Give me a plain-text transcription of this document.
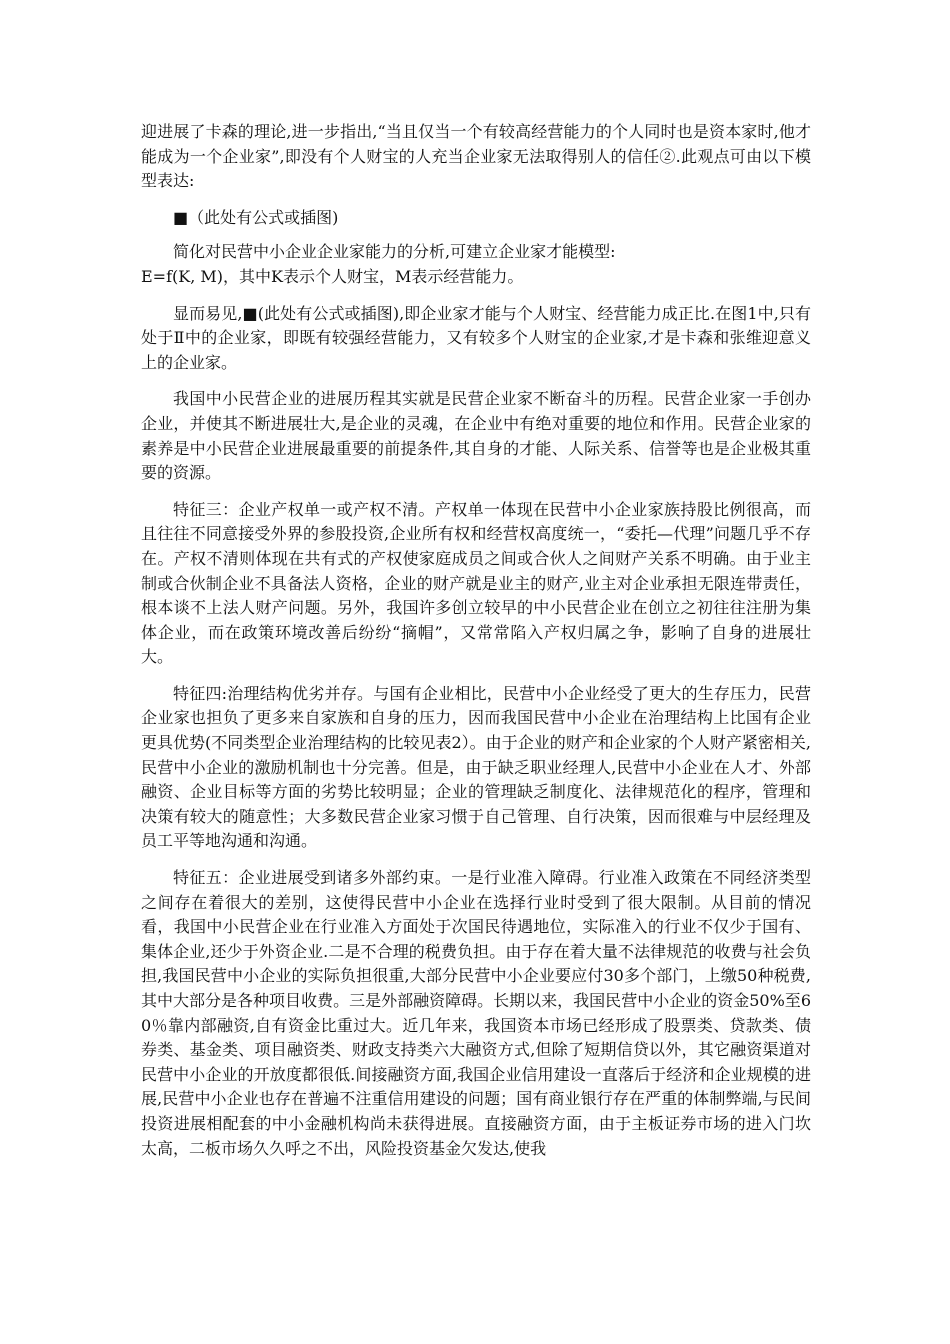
迎进展了卡森的理论,进一步指出,“当且仅当一个有较高经营能力的个人同时也是资本家时,他才能成为一个企业家”,即没有个人财宝的人充当企业家无法取得别人的信任②.此观点可由以下模型表达:

■（此处有公式或插图)

简化对民营中小企业企业家能力的分析,可建立企业家才能模型:
E=f(K, M)，其中K表示个人财宝，M表示经营能力。

显而易见,■(此处有公式或插图),即企业家才能与个人财宝、经营能力成正比.在图1中,只有处于Ⅱ中的企业家，即既有较强经营能力，又有较多个人财宝的企业家,才是卡森和张维迎意义上的企业家。

我国中小民营企业的进展历程其实就是民营企业家不断奋斗的历程。民营企业家一手创办企业，并使其不断进展壮大,是企业的灵魂，在企业中有绝对重要的地位和作用。民营企业家的素养是中小民营企业进展最重要的前提条件,其自身的才能、人际关系、信誉等也是企业极其重要的资源。

特征三：企业产权单一或产权不清。产权单一体现在民营中小企业家族持股比例很高，而且往往不同意接受外界的参股投资,企业所有权和经营权高度统一，“委托—代理”问题几乎不存在。产权不清则体现在共有式的产权使家庭成员之间或合伙人之间财产关系不明确。由于业主制或合伙制企业不具备法人资格，企业的财产就是业主的财产,业主对企业承担无限连带责任，根本谈不上法人财产问题。另外，我国许多创立较早的中小民营企业在创立之初往往注册为集体企业，而在政策环境改善后纷纷“摘帽”，又常常陷入产权归属之争，影响了自身的进展壮大。

特征四:治理结构优劣并存。与国有企业相比，民营中小企业经受了更大的生存压力，民营企业家也担负了更多来自家族和自身的压力，因而我国民营中小企业在治理结构上比国有企业更具优势(不同类型企业治理结构的比较见表2）。由于企业的财产和企业家的个人财产紧密相关,民营中小企业的激励机制也十分完善。但是，由于缺乏职业经理人,民营中小企业在人才、外部融资、企业目标等方面的劣势比较明显；企业的管理缺乏制度化、法律规范化的程序，管理和决策有较大的随意性；大多数民营企业家习惯于自己管理、自行决策，因而很难与中层经理及员工平等地沟通和沟通。

特征五：企业进展受到诸多外部约束。一是行业准入障碍。行业准入政策在不同经济类型之间存在着很大的差别，这使得民营中小企业在选择行业时受到了很大限制。从目前的情况看，我国中小民营企业在行业准入方面处于次国民待遇地位，实际准入的行业不仅少于国有、集体企业,还少于外资企业.二是不合理的税费负担。由于存在着大量不法律规范的收费与社会负担,我国民营中小企业的实际负担很重,大部分民营中小企业要应付30多个部门，上缴50种税费,其中大部分是各种项目收费。三是外部融资障碍。长期以来，我国民营中小企业的资金50%至60％靠内部融资,自有资金比重过大。近几年来，我国资本市场已经形成了股票类、贷款类、债券类、基金类、项目融资类、财政支持类六大融资方式,但除了短期信贷以外，其它融资渠道对民营中小企业的开放度都很低.间接融资方面,我国企业信用建设一直落后于经济和企业规模的进展,民营中小企业也存在普遍不注重信用建设的问题；国有商业银行存在严重的体制弊端,与民间投资进展相配套的中小金融机构尚未获得进展。直接融资方面，由于主板证券市场的进入门坎太高，二板市场久久呼之不出，风险投资基金欠发达,使我
